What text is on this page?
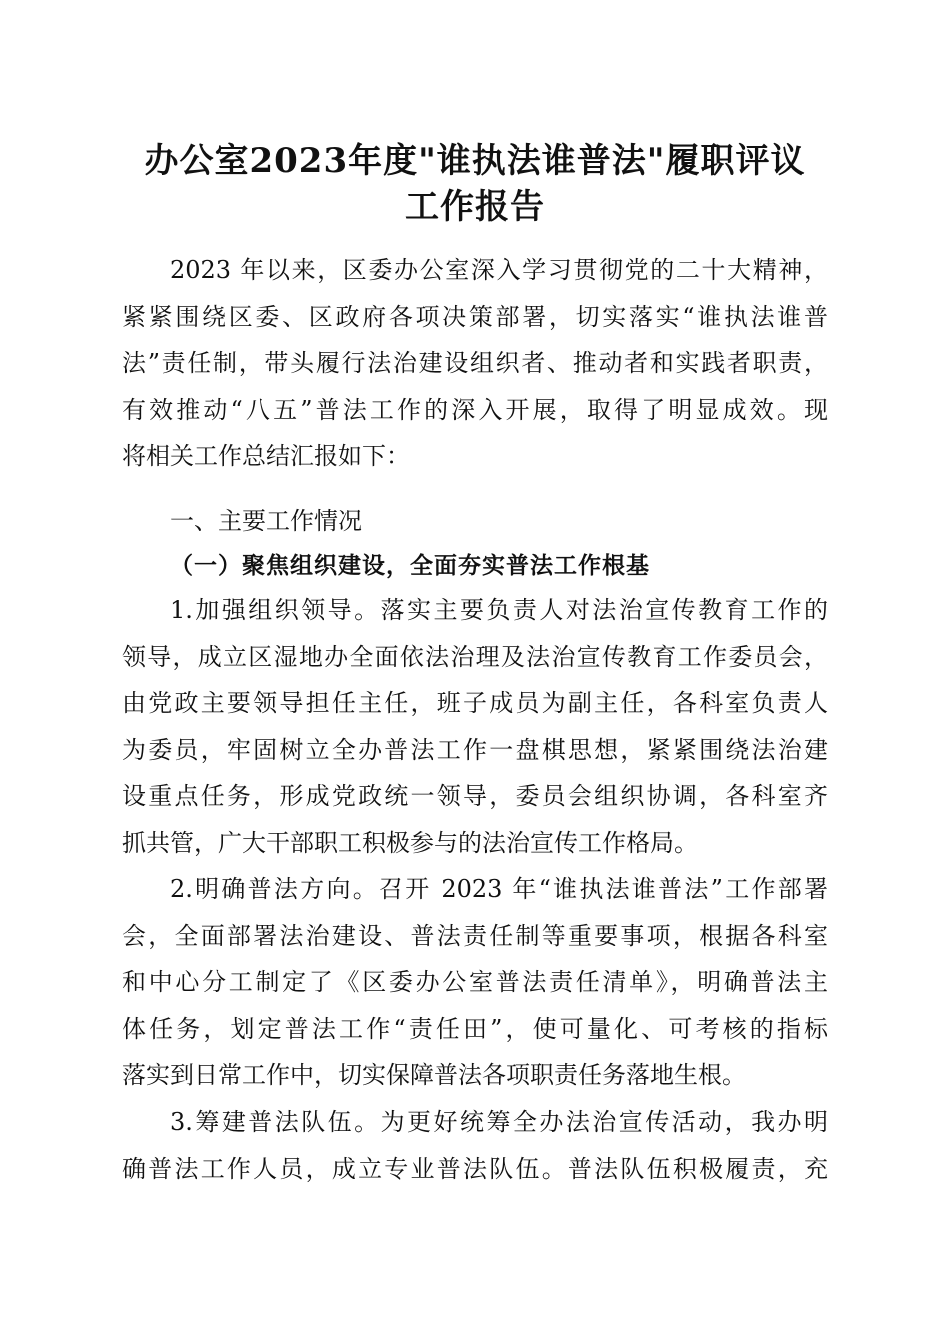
办公室2023年度"谁执法谁普法"履职评议
工作报告
2023 年以来，区委办公室深入学习贯彻党的二十大精神，
紧紧围绕区委、区政府各项决策部署，切实落实“谁执法谁普
法”责任制，带头履行法治建设组织者、推动者和实践者职责，
有效推动“八五”普法工作的深入开展，取得了明显成效。现
将相关工作总结汇报如下：
一、主要工作情况
（一）聚焦组织建设，全面夯实普法工作根基
1.加强组织领导。落实主要负责人对法治宣传教育工作的
领导，成立区湿地办全面依法治理及法治宣传教育工作委员会，
由党政主要领导担任主任，班子成员为副主任，各科室负责人
为委员，牢固树立全办普法工作一盘棋思想，紧紧围绕法治建
设重点任务，形成党政统一领导，委员会组织协调，各科室齐
抓共管，广大干部职工积极参与的法治宣传工作格局。
2.明确普法方向。召开 2023 年“谁执法谁普法”工作部署
会，全面部署法治建设、普法责任制等重要事项，根据各科室
和中心分工制定了《区委办公室普法责任清单》，明确普法主
体任务，划定普法工作“责任田”，使可量化、可考核的指标
落实到日常工作中，切实保障普法各项职责任务落地生根。
3.筹建普法队伍。为更好统筹全办法治宣传活动，我办明
确普法工作人员，成立专业普法队伍。普法队伍积极履责，充
